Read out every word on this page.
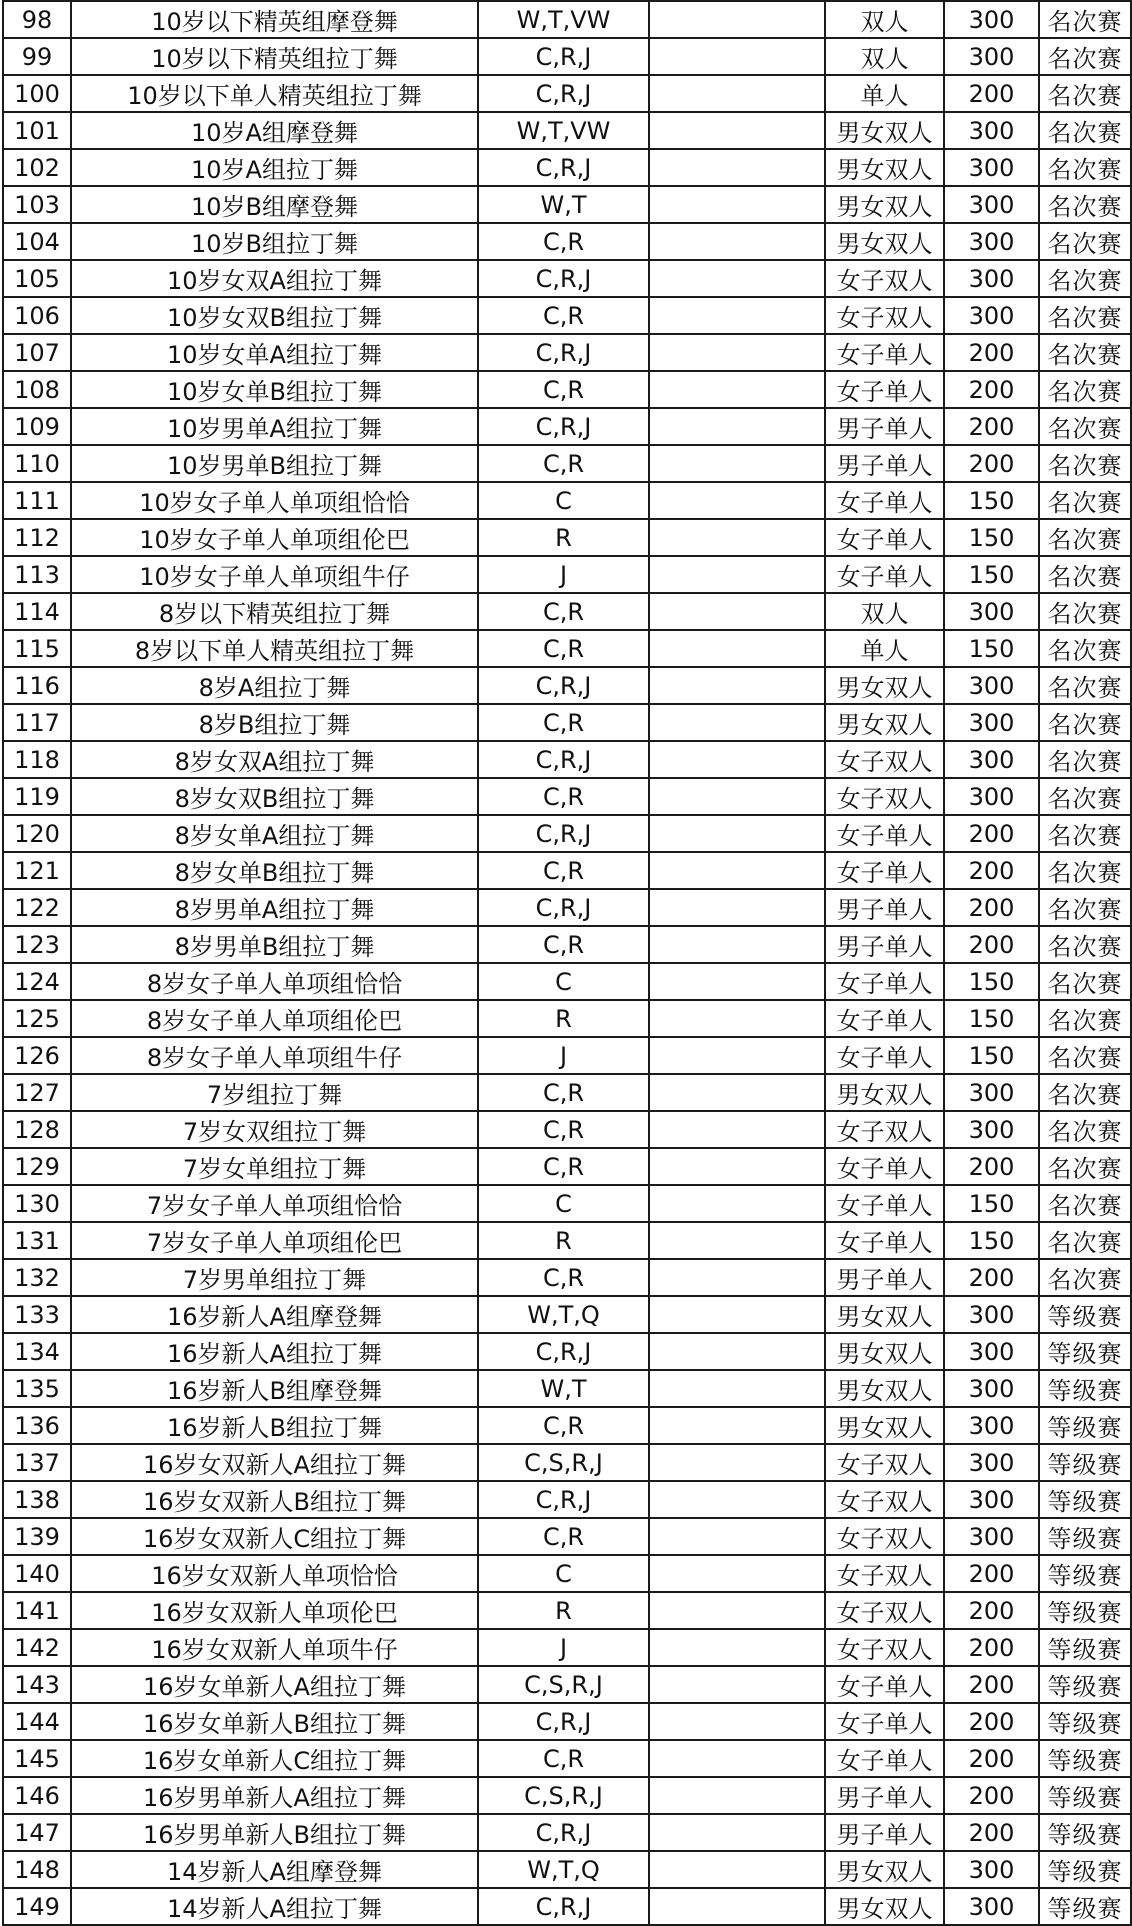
98	10岁以下精英组摩登舞	W,T,VW		双人	300	名次赛
99	10岁以下精英组拉丁舞	C,R,J		双人	300	名次赛
100	10岁以下单人精英组拉丁舞	C,R,J		单人	200	名次赛
101	10岁A组摩登舞	W,T,VW		男女双人	300	名次赛
102	10岁A组拉丁舞	C,R,J		男女双人	300	名次赛
103	10岁B组摩登舞	W,T		男女双人	300	名次赛
104	10岁B组拉丁舞	C,R		男女双人	300	名次赛
105	10岁女双A组拉丁舞	C,R,J		女子双人	300	名次赛
106	10岁女双B组拉丁舞	C,R		女子双人	300	名次赛
107	10岁女单A组拉丁舞	C,R,J		女子单人	200	名次赛
108	10岁女单B组拉丁舞	C,R		女子单人	200	名次赛
109	10岁男单A组拉丁舞	C,R,J		男子单人	200	名次赛
110	10岁男单B组拉丁舞	C,R		男子单人	200	名次赛
111	10岁女子单人单项组恰恰	C		女子单人	150	名次赛
112	10岁女子单人单项组伦巴	R		女子单人	150	名次赛
113	10岁女子单人单项组牛仔	J		女子单人	150	名次赛
114	8岁以下精英组拉丁舞	C,R		双人	300	名次赛
115	8岁以下单人精英组拉丁舞	C,R		单人	150	名次赛
116	8岁A组拉丁舞	C,R,J		男女双人	300	名次赛
117	8岁B组拉丁舞	C,R		男女双人	300	名次赛
118	8岁女双A组拉丁舞	C,R,J		女子双人	300	名次赛
119	8岁女双B组拉丁舞	C,R		女子双人	300	名次赛
120	8岁女单A组拉丁舞	C,R,J		女子单人	200	名次赛
121	8岁女单B组拉丁舞	C,R		女子单人	200	名次赛
122	8岁男单A组拉丁舞	C,R,J		男子单人	200	名次赛
123	8岁男单B组拉丁舞	C,R		男子单人	200	名次赛
124	8岁女子单人单项组恰恰	C		女子单人	150	名次赛
125	8岁女子单人单项组伦巴	R		女子单人	150	名次赛
126	8岁女子单人单项组牛仔	J		女子单人	150	名次赛
127	7岁组拉丁舞	C,R		男女双人	300	名次赛
128	7岁女双组拉丁舞	C,R		女子双人	300	名次赛
129	7岁女单组拉丁舞	C,R		女子单人	200	名次赛
130	7岁女子单人单项组恰恰	C		女子单人	150	名次赛
131	7岁女子单人单项组伦巴	R		女子单人	150	名次赛
132	7岁男单组拉丁舞	C,R		男子单人	200	名次赛
133	16岁新人A组摩登舞	W,T,Q		男女双人	300	等级赛
134	16岁新人A组拉丁舞	C,R,J		男女双人	300	等级赛
135	16岁新人B组摩登舞	W,T		男女双人	300	等级赛
136	16岁新人B组拉丁舞	C,R		男女双人	300	等级赛
137	16岁女双新人A组拉丁舞	C,S,R,J		女子双人	300	等级赛
138	16岁女双新人B组拉丁舞	C,R,J		女子双人	300	等级赛
139	16岁女双新人C组拉丁舞	C,R		女子双人	300	等级赛
140	16岁女双新人单项恰恰	C		女子双人	200	等级赛
141	16岁女双新人单项伦巴	R		女子双人	200	等级赛
142	16岁女双新人单项牛仔	J		女子双人	200	等级赛
143	16岁女单新人A组拉丁舞	C,S,R,J		女子单人	200	等级赛
144	16岁女单新人B组拉丁舞	C,R,J		女子单人	200	等级赛
145	16岁女单新人C组拉丁舞	C,R		女子单人	200	等级赛
146	16岁男单新人A组拉丁舞	C,S,R,J		男子单人	200	等级赛
147	16岁男单新人B组拉丁舞	C,R,J		男子单人	200	等级赛
148	14岁新人A组摩登舞	W,T,Q		男女双人	300	等级赛
149	14岁新人A组拉丁舞	C,R,J		男女双人	300	等级赛
